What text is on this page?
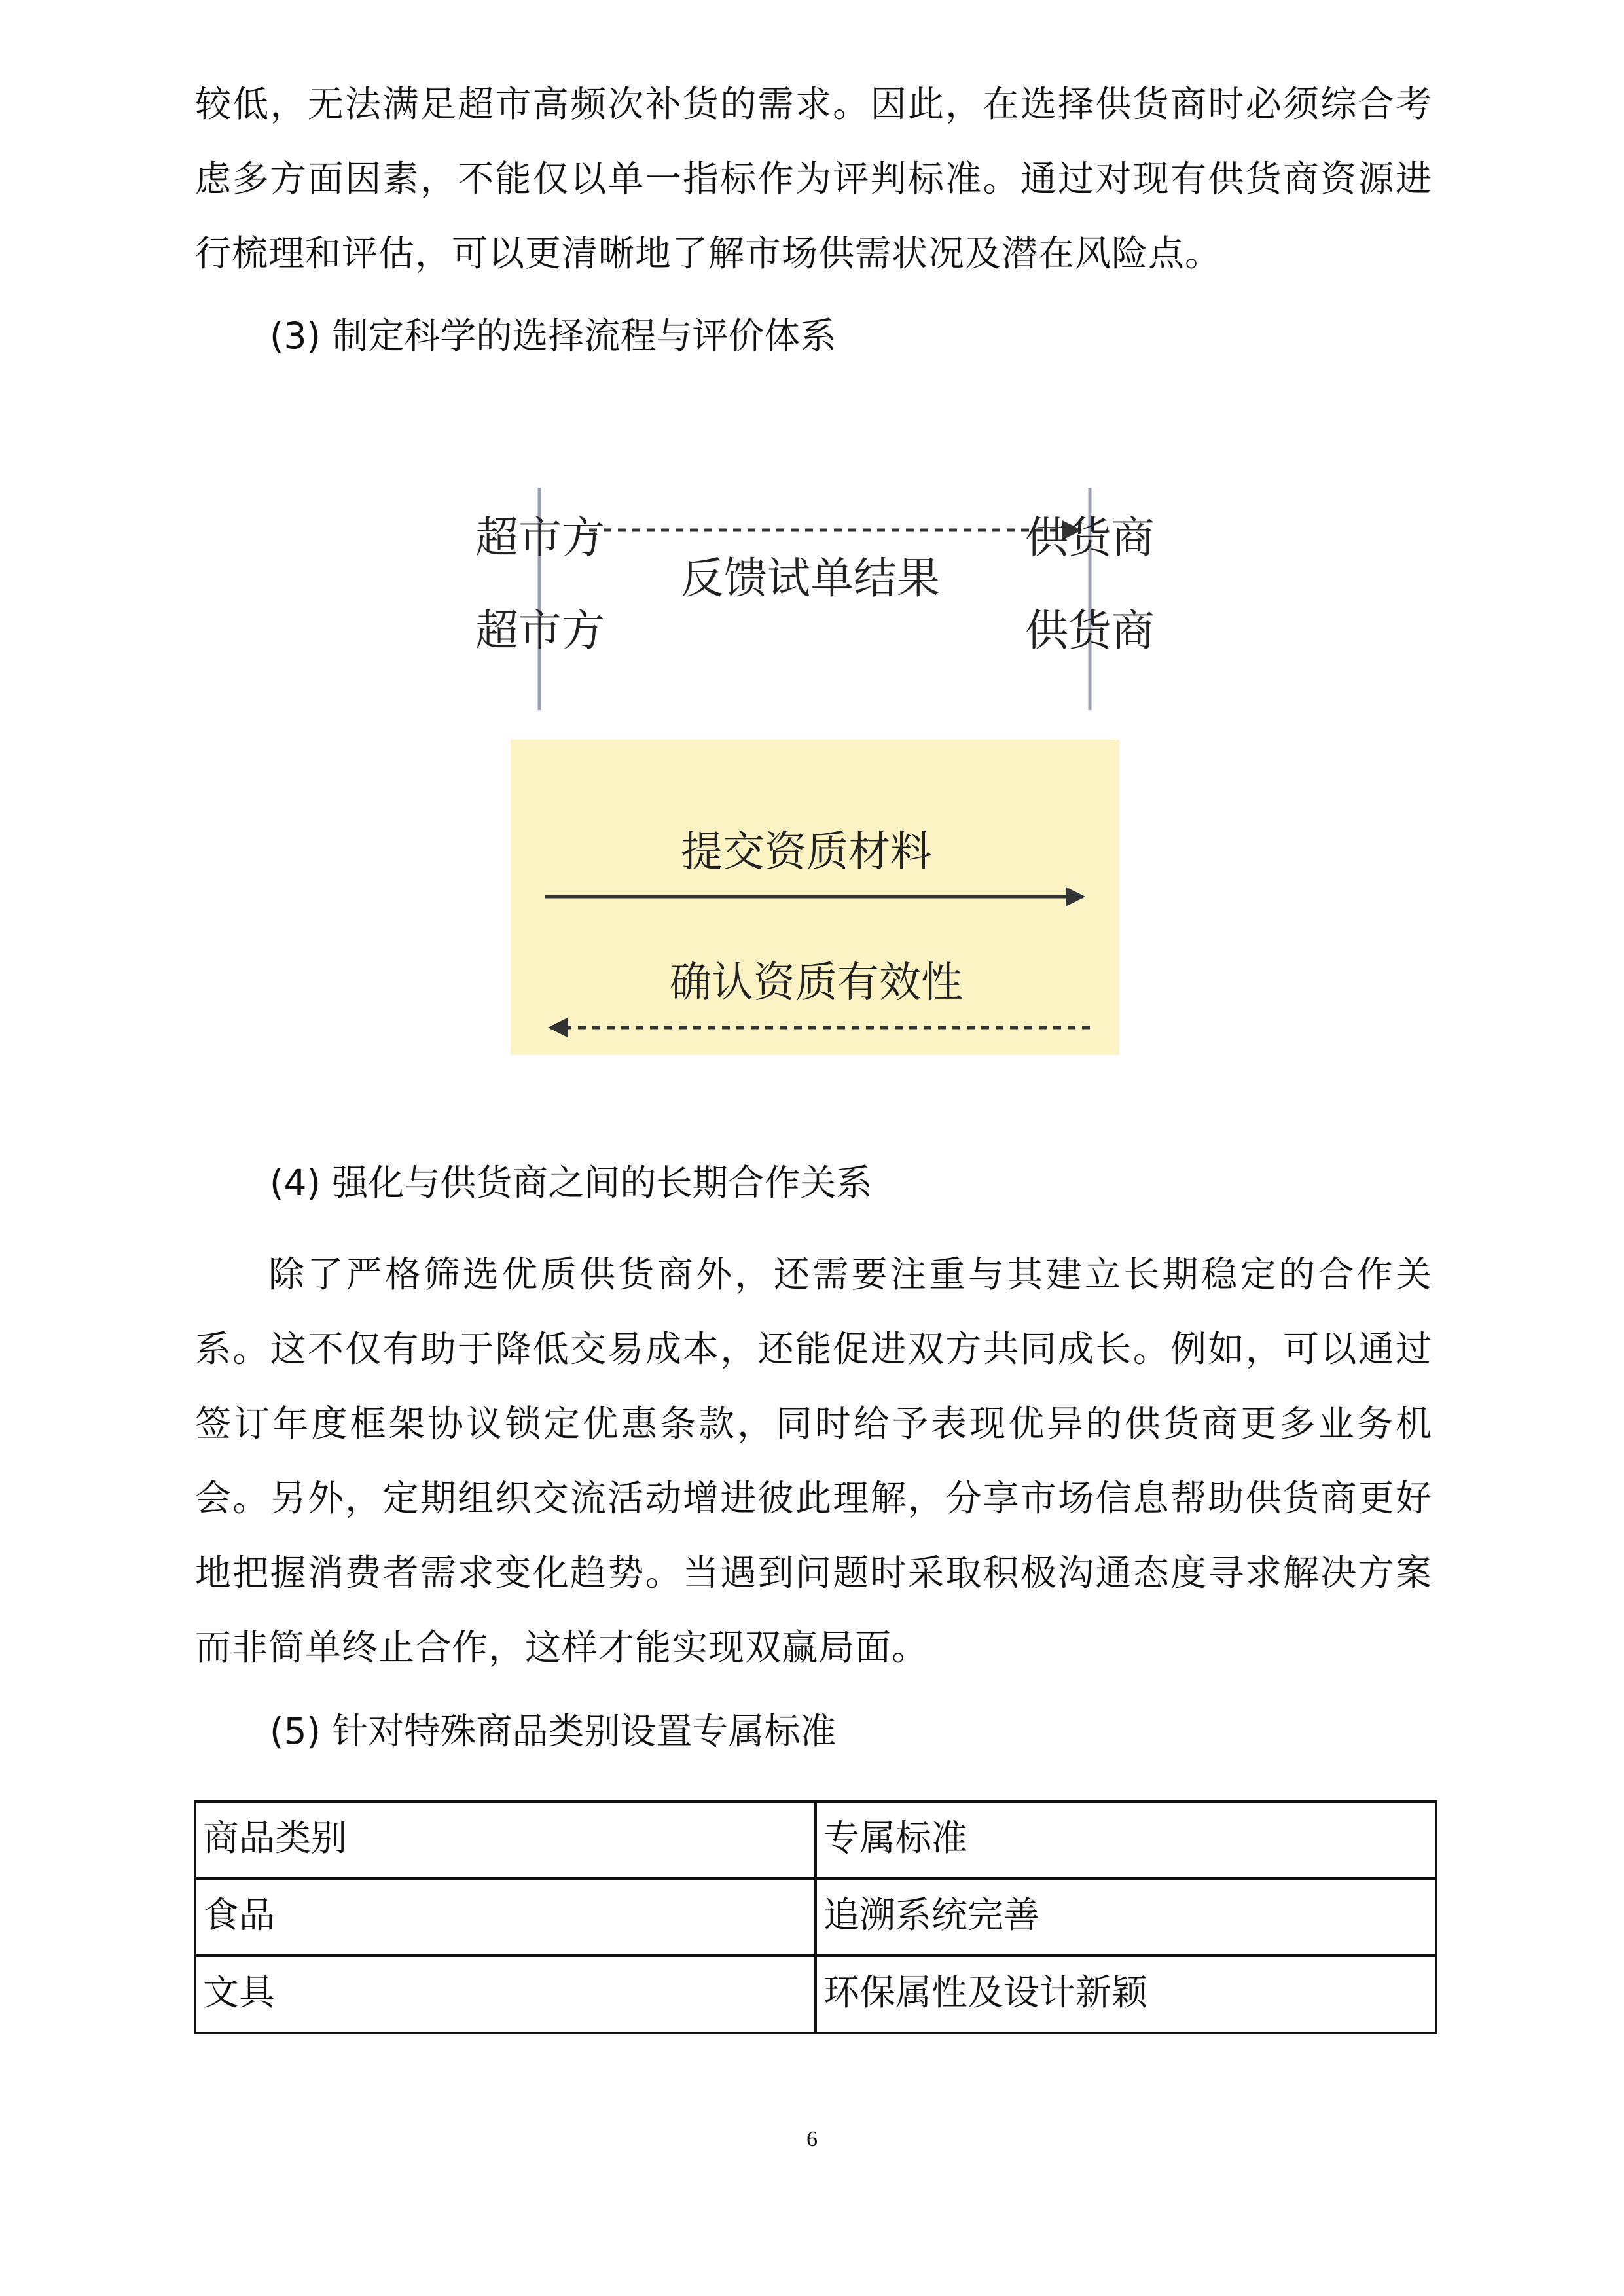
较低，无法满足超市高频次补货的需求。因此，在选择供货商时必须综合考虑多方面因素，不能仅以单一指标作为评判标准。通过对现有供货商资源进行梳理和评估，可以更清晰地了解市场供需状况及潜在风险点。

(3) 制定科学的选择流程与评价体系

超市方	供货商
反馈试单结果
超市方	供货商
提交资质材料
确认资质有效性

(4) 强化与供货商之间的长期合作关系

除了严格筛选优质供货商外，还需要注重与其建立长期稳定的合作关系。这不仅有助于降低交易成本，还能促进双方共同成长。例如，可以通过签订年度框架协议锁定优惠条款，同时给予表现优异的供货商更多业务机会。另外，定期组织交流活动增进彼此理解，分享市场信息帮助供货商更好地把握消费者需求变化趋势。当遇到问题时采取积极沟通态度寻求解决方案而非简单终止合作，这样才能实现双赢局面。

(5) 针对特殊商品类别设置专属标准

商品类别	专属标准
食品	追溯系统完善
文具	环保属性及设计新颖
6
